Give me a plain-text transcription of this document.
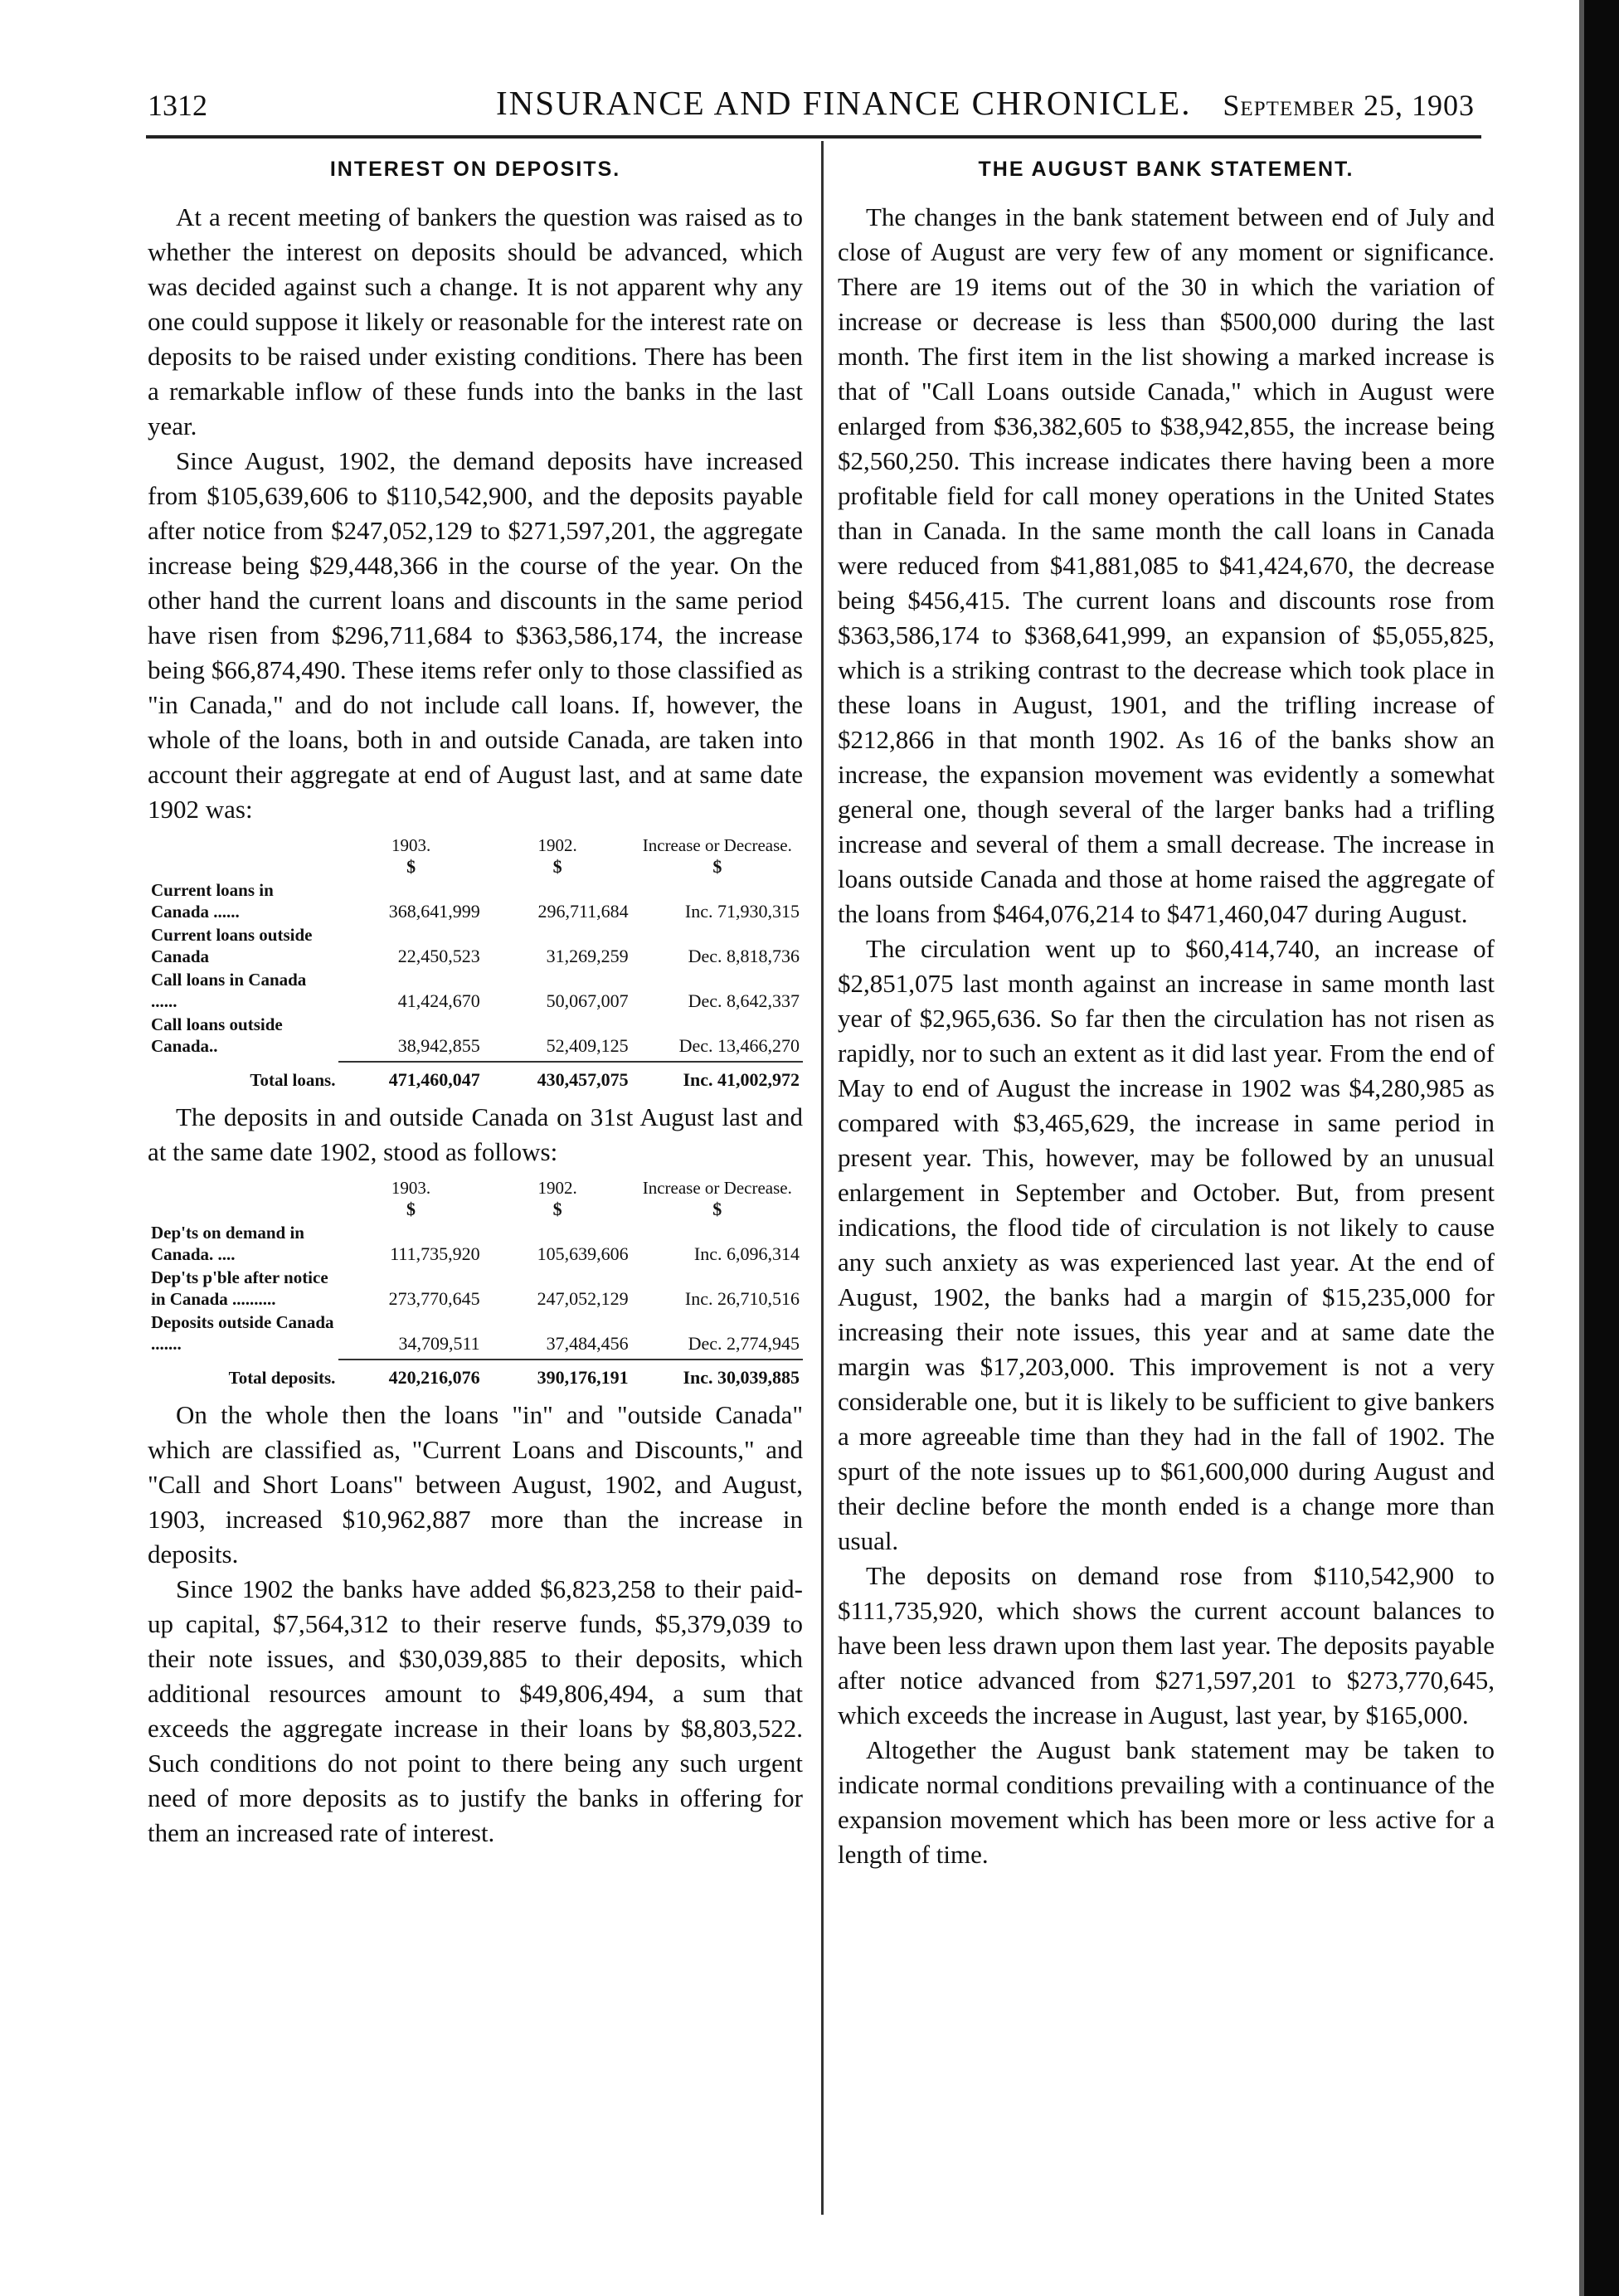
1312	INSURANCE AND FINANCE CHRONICLE. September 25, 1903
INTEREST ON DEPOSITS.

At a recent meeting of bankers the question was raised as to whether the interest on deposits should be advanced, which was decided against such a change. It is not apparent why any one could suppose it likely or reasonable for the interest rate on deposits to be raised under existing conditions. There has been a remarkable inflow of these funds into the banks in the last year.

Since August, 1902, the demand deposits have increased from $105,639,606 to $110,542,900, and the deposits payable after notice from $247,052,129 to $271,597,201, the aggregate increase being $29,448,366 in the course of the year. On the other hand the current loans and discounts in the same period have risen from $296,711,684 to $363,586,174, the increase being $66,874,490. These items refer only to those classified as "in Canada," and do not include call loans. If, however, the whole of the loans, both in and outside Canada, are taken into account their aggregate at end of August last, and at same date 1902 was:

	1903.	1902.	Increase or Decrease.
	$	$	$
Current loans in Canada ......	368,641,999	296,711,684	Inc. 71,930,315
Current loans outside Canada	22,450,523	31,269,259	Dec. 8,818,736
Call loans in Canada ......	41,424,670	50,067,007	Dec. 8,642,337
Call loans outside Canada..	38,942,855	52,409,125	Dec. 13,466,270

Total loans.	471,460,047	430,457,075	Inc. 41,002,972

The deposits in and outside Canada on 31st August last and at the same date 1902, stood as follows:

	1903.	1902.	Increase or Decrease.
	$	$	$
Dep'ts on demand in Canada. ....	111,735,920	105,639,606	Inc. 6,096,314
Dep'ts p'ble after notice in Canada ..........	273,770,645	247,052,129	Inc. 26,710,516
Deposits outside Canada .......	34,709,511	37,484,456	Dec. 2,774,945

Total deposits.	420,216,076	390,176,191	Inc. 30,039,885

On the whole then the loans "in" and "outside Canada" which are classified as, "Current Loans and Discounts," and "Call and Short Loans" between August, 1902, and August, 1903, increased $10,962,887 more than the increase in deposits.

Since 1902 the banks have added $6,823,258 to their paid-up capital, $7,564,312 to their reserve funds, $5,379,039 to their note issues, and $30,039,885 to their deposits, which additional resources amount to $49,806,494, a sum that exceeds the aggregate increase in their loans by $8,803,522. Such conditions do not point to there being any such urgent need of more deposits as to justify the banks in offering for them an increased rate of interest.

THE AUGUST BANK STATEMENT.

The changes in the bank statement between end of July and close of August are very few of any moment or significance. There are 19 items out of the 30 in which the variation of increase or decrease is less than $500,000 during the last month. The first item in the list showing a marked increase is that of "Call Loans outside Canada," which in August were enlarged from $36,382,605 to $38,942,855, the increase being $2,560,250. This increase indicates there having been a more profitable field for call money operations in the United States than in Canada. In the same month the call loans in Canada were reduced from $41,881,085 to $41,424,670, the decrease being $456,415. The current loans and discounts rose from $363,586,174 to $368,641,999, an expansion of $5,055,825, which is a striking contrast to the decrease which took place in these loans in August, 1901, and the trifling increase of $212,866 in that month 1902. As 16 of the banks show an increase, the expansion movement was evidently a somewhat general one, though several of the larger banks had a trifling increase and several of them a small decrease. The increase in loans outside Canada and those at home raised the aggregate of the loans from $464,076,214 to $471,460,047 during August.

The circulation went up to $60,414,740, an increase of $2,851,075 last month against an increase in same month last year of $2,965,636. So far then the circulation has not risen as rapidly, nor to such an extent as it did last year. From the end of May to end of August the increase in 1902 was $4,280,985 as compared with $3,465,629, the increase in same period in present year. This, however, may be followed by an unusual enlargement in September and October. But, from present indications, the flood tide of circulation is not likely to cause any such anxiety as was experienced last year. At the end of August, 1902, the banks had a margin of $15,235,000 for increasing their note issues, this year and at same date the margin was $17,203,000. This improvement is not a very considerable one, but it is likely to be sufficient to give bankers a more agreeable time than they had in the fall of 1902. The spurt of the note issues up to $61,600,000 during August and their decline before the month ended is a change more than usual.

The deposits on demand rose from $110,542,900 to $111,735,920, which shows the current account balances to have been less drawn upon them last year. The deposits payable after notice advanced from $271,597,201 to $273,770,645, which exceeds the increase in August, last year, by $165,000.

Altogether the August bank statement may be taken to indicate normal conditions prevailing with a continuance of the expansion movement which has been more or less active for a length of time.
